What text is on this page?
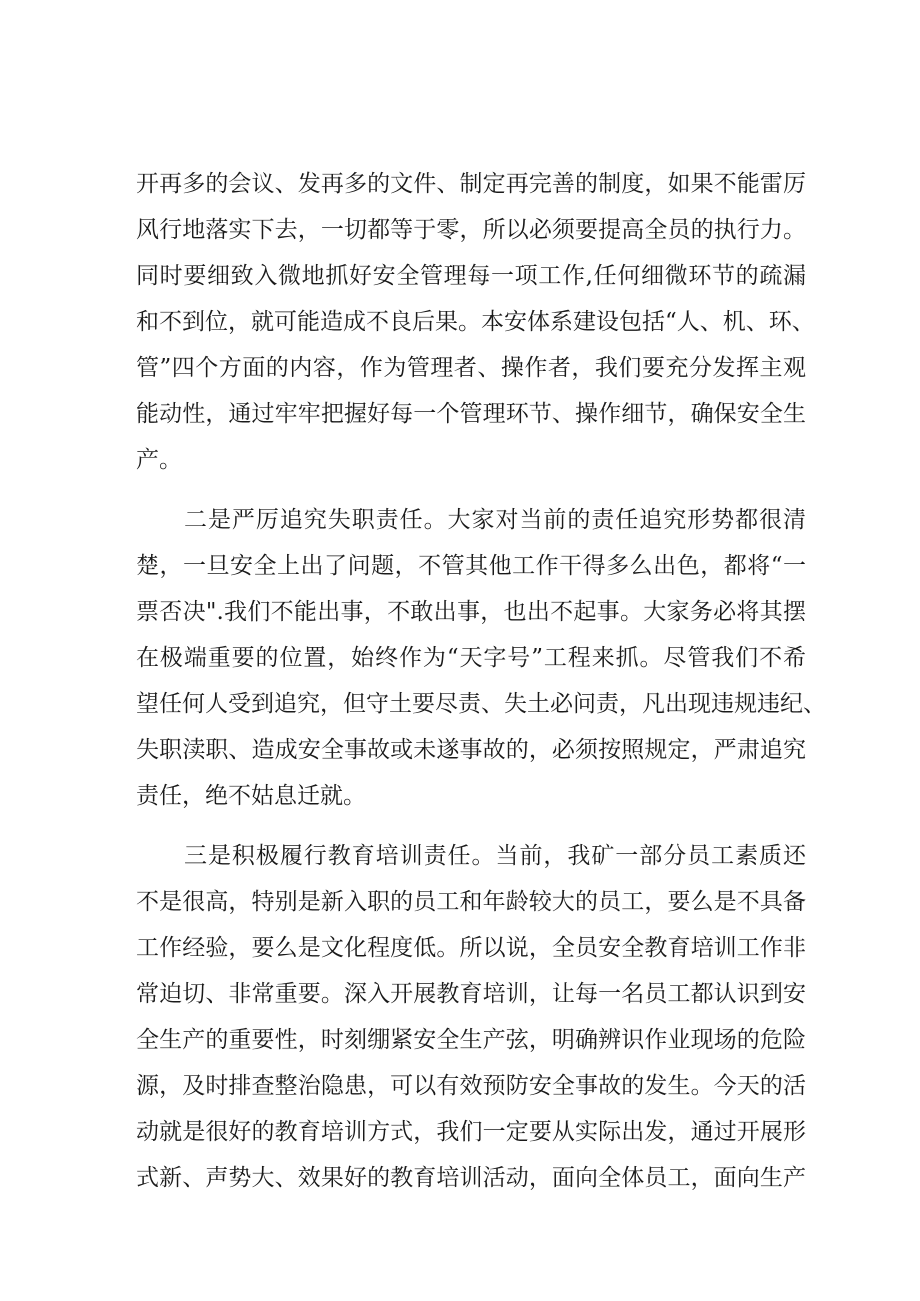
开再多的会议、发再多的文件、制定再完善的制度，如果不能雷厉
风行地落实下去，一切都等于零，所以必须要提高全员的执行力。
同时要细致入微地抓好安全管理每一项工作,任何细微环节的疏漏
和不到位，就可能造成不良后果。本安体系建设包括“人、机、环、
管”四个方面的内容，作为管理者、操作者，我们要充分发挥主观
能动性，通过牢牢把握好每一个管理环节、操作细节，确保安全生
产。
二是严厉追究失职责任。大家对当前的责任追究形势都很清
楚，一旦安全上出了问题，不管其他工作干得多么出色，都将“一
票否决".我们不能出事，不敢出事，也出不起事。大家务必将其摆
在极端重要的位置，始终作为“天字号”工程来抓。尽管我们不希
望任何人受到追究，但守土要尽责、失土必问责，凡出现违规违纪、
失职渎职、造成安全事故或未遂事故的，必须按照规定，严肃追究
责任，绝不姑息迁就。
三是积极履行教育培训责任。当前，我矿一部分员工素质还
不是很高，特别是新入职的员工和年龄较大的员工，要么是不具备
工作经验，要么是文化程度低。所以说，全员安全教育培训工作非
常迫切、非常重要。深入开展教育培训，让每一名员工都认识到安
全生产的重要性，时刻绷紧安全生产弦，明确辨识作业现场的危险
源，及时排查整治隐患，可以有效预防安全事故的发生。今天的活
动就是很好的教育培训方式，我们一定要从实际出发，通过开展形
式新、声势大、效果好的教育培训活动，面向全体员工，面向生产
